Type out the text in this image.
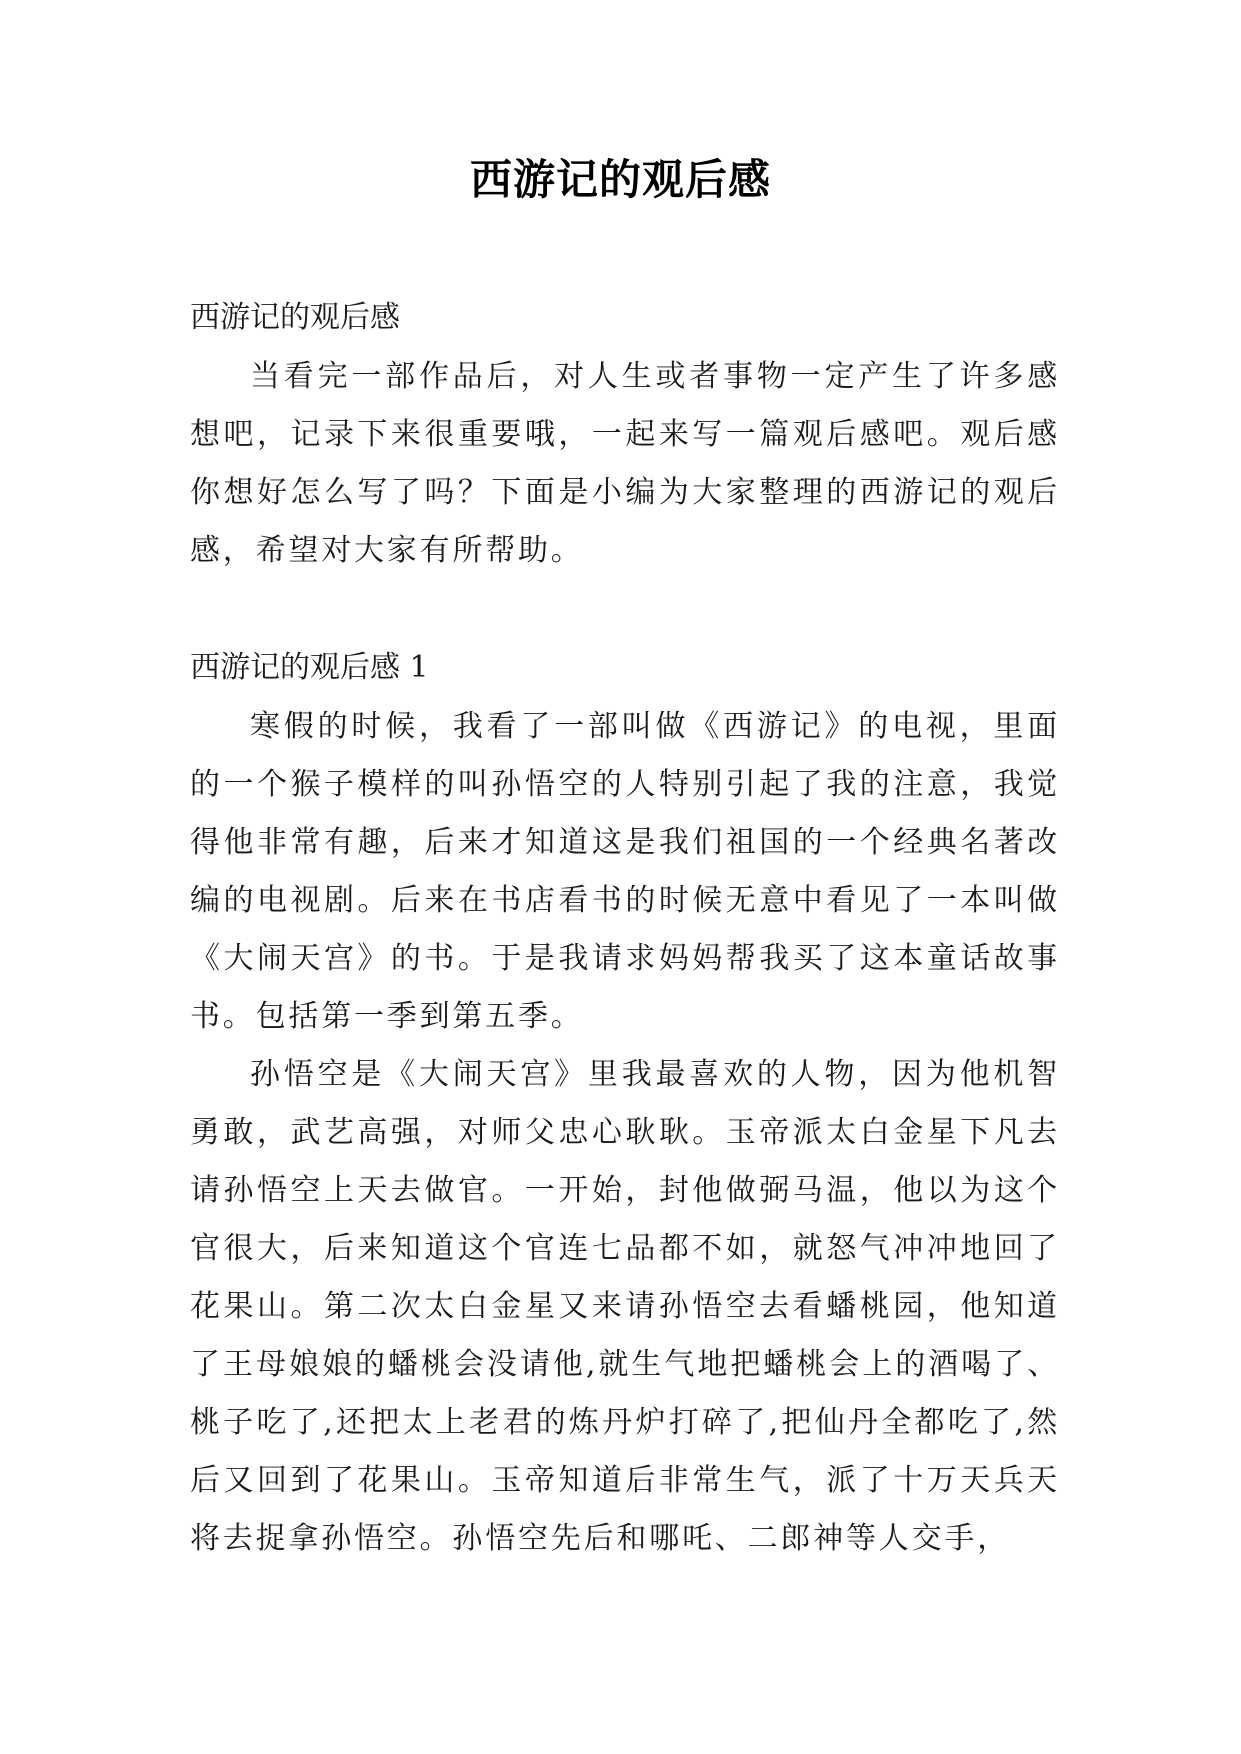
西游记的观后感

西游记的观后感

当看完一部作品后，对人生或者事物一定产生了许多感想吧，记录下来很重要哦，一起来写一篇观后感吧。观后感你想好怎么写了吗？下面是小编为大家整理的西游记的观后感，希望对大家有所帮助。

西游记的观后感 1

寒假的时候，我看了一部叫做《西游记》的电视，里面的一个猴子模样的叫孙悟空的人特别引起了我的注意，我觉得他非常有趣，后来才知道这是我们祖国的一个经典名著改编的电视剧。后来在书店看书的时候无意中看见了一本叫做《大闹天宫》的书。于是我请求妈妈帮我买了这本童话故事书。包括第一季到第五季。

孙悟空是《大闹天宫》里我最喜欢的人物，因为他机智勇敢，武艺高强，对师父忠心耿耿。玉帝派太白金星下凡去请孙悟空上天去做官。一开始，封他做弼马温，他以为这个官很大，后来知道这个官连七品都不如，就怒气冲冲地回了花果山。第二次太白金星又来请孙悟空去看蟠桃园，他知道了王母娘娘的蟠桃会没请他,就生气地把蟠桃会上的酒喝了、桃子吃了,还把太上老君的炼丹炉打碎了,把仙丹全都吃了,然后又回到了花果山。玉帝知道后非常生气，派了十万天兵天将去捉拿孙悟空。孙悟空先后和哪吒、二郎神等人交手，
